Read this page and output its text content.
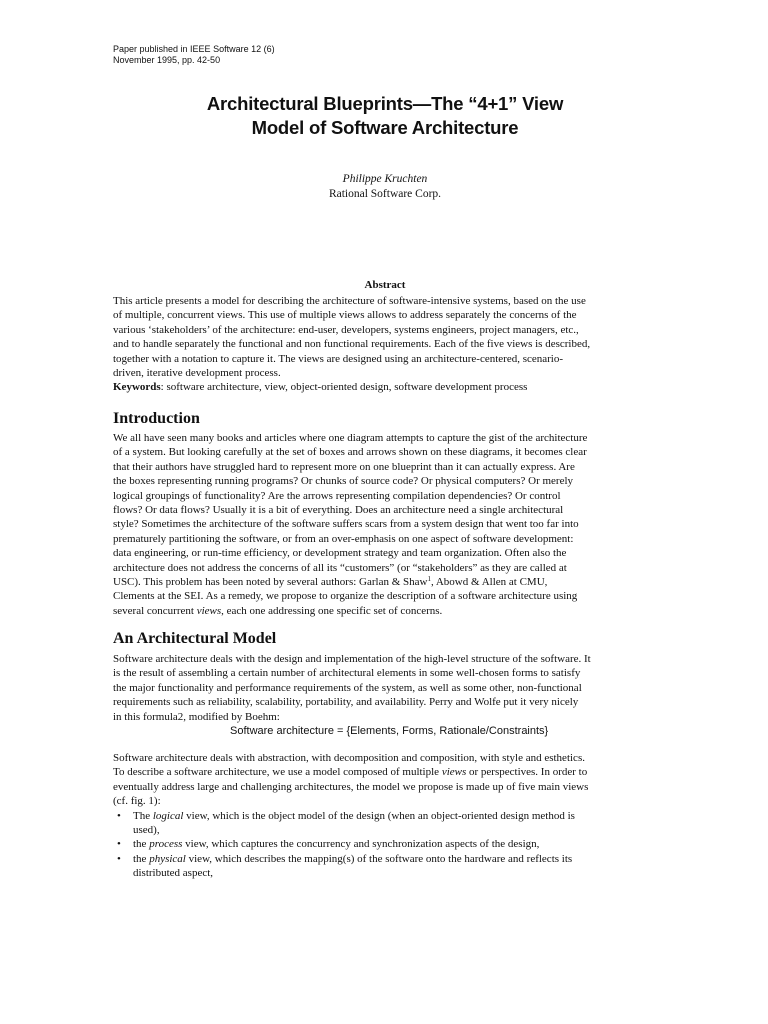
Paper published in IEEE Software 12 (6)
November 1995, pp. 42-50
Architectural Blueprints—The “4+1” View
Model of Software Architecture
Philippe Kruchten
Rational Software Corp.
Abstract
This article presents a model for describing the architecture of software-intensive systems, based on the use
of multiple, concurrent views. This use of multiple views allows to address separately the concerns of the
various ‘stakeholders’ of the architecture: end-user, developers, systems engineers, project managers, etc.,
and to handle separately the functional and non functional requirements. Each of the five views is described,
together with a notation to capture it. The views are designed using an architecture-centered, scenario-
driven, iterative development process.
Keywords: software architecture, view, object-oriented design, software development process
Introduction
We all have seen many books and articles where one diagram attempts to capture the gist of the architecture
of a system. But looking carefully at the set of boxes and arrows shown on these diagrams, it becomes clear
that their authors have struggled hard to represent more on one blueprint than it can actually express. Are
the boxes representing running programs? Or chunks of source code? Or physical computers? Or merely
logical groupings of functionality? Are the arrows representing compilation dependencies? Or control
flows? Or data flows? Usually it is a bit of everything. Does an architecture need a single architectural
style? Sometimes the architecture of the software suffers scars from a system design that went too far into
prematurely partitioning the software, or from an over-emphasis on one aspect of software development:
data engineering, or run-time efficiency, or development strategy and team organization. Often also the
architecture does not address the concerns of all its “customers” (or “stakeholders” as they are called at
USC). This problem has been noted by several authors: Garlan & Shaw$^1$, Abowd & Allen at CMU,
Clements at the SEI. As a remedy, we propose to organize the description of a software architecture using
several concurrent views, each one addressing one specific set of concerns.
An Architectural Model
Software architecture deals with the design and implementation of the high-level structure of the software. It
is the result of assembling a certain number of architectural elements in some well-chosen forms to satisfy
the major functionality and performance requirements of the system, as well as some other, non-functional
requirements such as reliability, scalability, portability, and availability. Perry and Wolfe put it very nicely
in this formula2, modified by Boehm:
Software architecture = {Elements, Forms, Rationale/Constraints}
Software architecture deals with abstraction, with decomposition and composition, with style and esthetics.
To describe a software architecture, we use a model composed of multiple views or perspectives. In order to
eventually address large and challenging architectures, the model we propose is made up of five main views
(cf. fig. 1):
• The logical view, which is the object model of the design (when an object-oriented design method is
used),
• the process view, which captures the concurrency and synchronization aspects of the design,
• the physical view, which describes the mapping(s) of the software onto the hardware and reflects its
distributed aspect,
